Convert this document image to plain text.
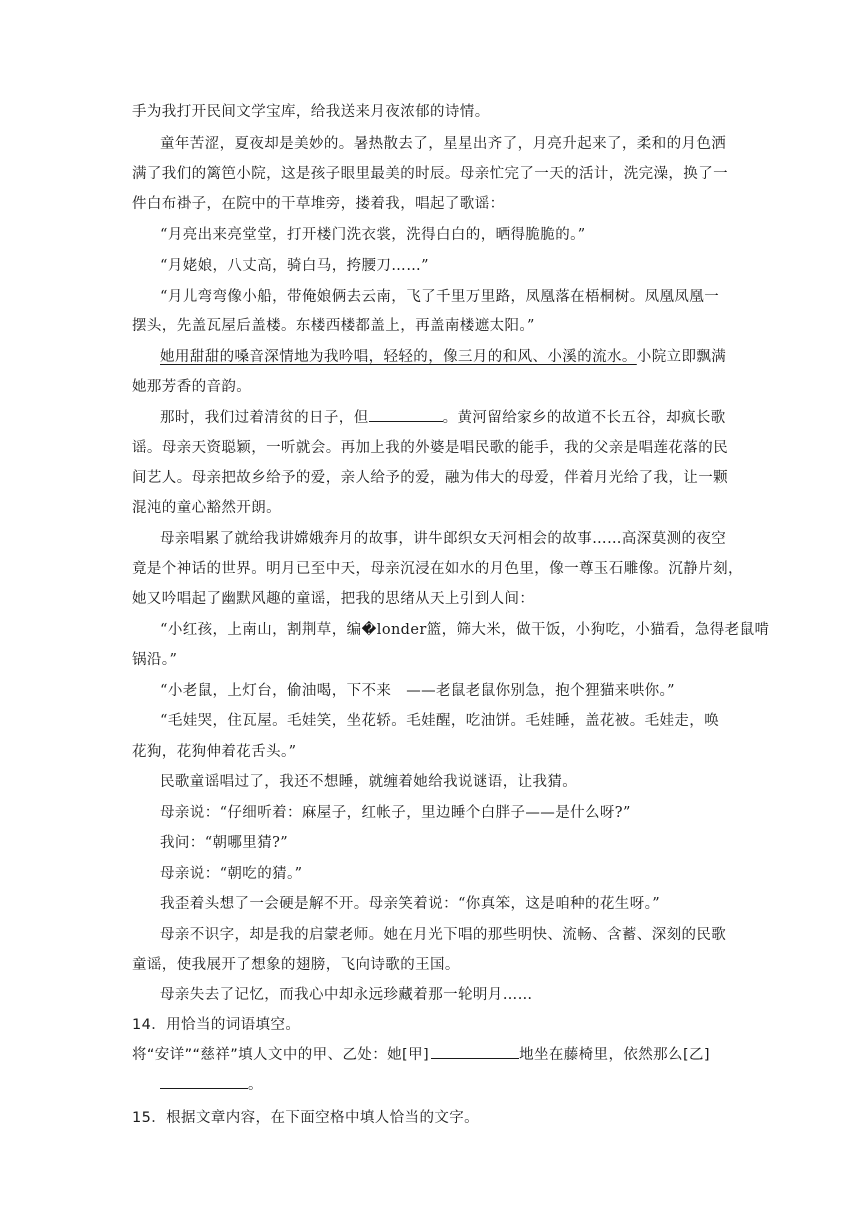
手为我打开民间文学宝库，给我送来月夜浓郁的诗情。
童年苦涩，夏夜却是美妙的。暑热散去了，星星出齐了，月亮升起来了，柔和的月色洒
满了我们的篱笆小院，这是孩子眼里最美的时辰。母亲忙完了一天的活计，洗完澡，换了一
件白布褂子，在院中的干草堆旁，搂着我，唱起了歌谣：
“月亮出来亮堂堂，打开楼门洗衣裳，洗得白白的，晒得脆脆的。”
“月姥娘，八丈高，骑白马，挎腰刀……”
“月儿弯弯像小船，带俺娘俩去云南，飞了千里万里路，凤凰落在梧桐树。凤凰凤凰一
摆头，先盖瓦屋后盖楼。东楼西楼都盖上，再盖南楼遮太阳。”
她用甜甜的嗓音深情地为我吟唱，轻轻的，像三月的和风、小溪的流水。小院立即飘满
她那芳香的音韵。
那时，我们过着清贫的日子，但	。黄河留给家乡的故道不长五谷，却疯长歌
谣。母亲天资聪颖，一听就会。再加上我的外婆是唱民歌的能手，我的父亲是唱莲花落的民
间艺人。母亲把故乡给予的爱，亲人给予的爱，融为伟大的母爱，伴着月光给了我，让一颗
混沌的童心豁然开朗。
母亲唱累了就给我讲嫦娥奔月的故事，讲牛郎织女天河相会的故事……高深莫测的夜空
竟是个神话的世界。明月已至中天，母亲沉浸在如水的月色里，像一尊玉石雕像。沉静片刻，
她又吟唱起了幽默风趣的童谣，把我的思绪从天上引到人间：
“小红孩，上南山，割荆草，编�londer篮，筛大米，做干饭，小狗吃，小猫看，急得老鼠啃
锅沿。”
“小老鼠，上灯台，偷油喝，下不来　——老鼠老鼠你别急，抱个狸猫来哄你。”
“毛娃哭，住瓦屋。毛娃笑，坐花轿。毛娃醒，吃油饼。毛娃睡，盖花被。毛娃走，唤
花狗，花狗伸着花舌头。”
民歌童谣唱过了，我还不想睡，就缠着她给我说谜语，让我猜。
母亲说：“仔细听着：麻屋子，红帐子，里边睡个白胖子——是什么呀?”
我问：“朝哪里猜?”
母亲说：“朝吃的猜。”
我歪着头想了一会硬是解不开。母亲笑着说：“你真笨，这是咱种的花生呀。”
母亲不识字，却是我的启蒙老师。她在月光下唱的那些明快、流畅、含蓄、深刻的民歌
童谣，使我展开了想象的翅膀，飞向诗歌的王国。
母亲失去了记忆，而我心中却永远珍藏着那一轮明月……
14．用恰当的词语填空。
将“安详”“慈祥”填人文中的甲、乙处：她[甲]	地坐在藤椅里，依然那么[乙]
。
15．根据文章内容，在下面空格中填人恰当的文字。
